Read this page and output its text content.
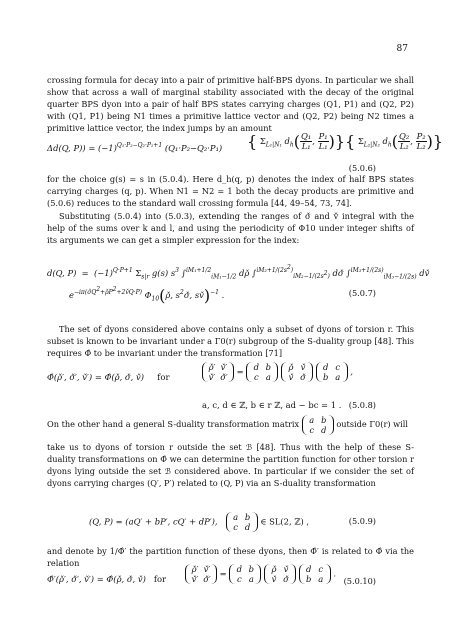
87
crossing formula for decay into a pair of primitive half-BPS dyons. In particular we shall show that across a wall of marginal stability associated with the decay of the original quarter BPS dyon into a pair of half BPS states carrying charges (Q1, P1) and (Q2, P2) with (Q1, P1) being N1 times a primitive lattice vector and (Q2, P2) being N2 times a primitive lattice vector, the index jumps by an amount
Δd(Q, $P)) = (-1)^{Q_1\cdot P_2-Q_2\cdot P_1+1}$ (Q₁·P₂−Q₂·P₁) { $\Sigma_{L_1|N_1}$ $d_h( \frac{\text{Q₁}}{\text{L₁}}$ , $\frac{\text{P₁}}{\text{L₁}}$ )}{ $\Sigma_{L_2|N_2}$ $d_h( \frac{\text{Q₂}}{\text{L₂}}$ , $\frac{\text{P₂}}{\text{L₂}}$ )}
(5.0.6)
for the choice g(s) = s in (5.0.4). Here d_h(q, p) denotes the index of half BPS states carrying charges (q, p). When N1 = N2 = 1 both the decay products are primitive and (5.0.6) reduces to the standard wall crossing formula [44, 49–54, 73, 74].
Substituting (5.0.4) into (5.0.3), extending the ranges of σ̌ and v̌ integral with the help of the sums over k and l, and using the periodicity of Φ10 under integer shifts of its arguments we can get a simpler expression for the index:
d(Q, $P) = (-1)^{Q\cdot P+1}$ $\Sigma_{s|r}$ g(s) $s^3$ ∫$^{iM_1+1/2}_{iM_1-1/2}$ dρ̌ ∫$^{iM_2+1/(2s^2)}_{iM_2-1/(2s^2)}$ dσ̌ ∫$^{iM_3+1/(2s)}_{iM_3-1/(2s)}$ dv̌
$e^{-i\pi(\sigmǎQ^2+\rhǒP^2+2v̌Q\cdot P)}$ $\Phi_{10}(\rhǒ$, $s^2\sigmǎ$, sv̌)$^{-1}$ .	(5.0.7)
The set of dyons considered above contains only a subset of dyons of torsion r. This subset is known to be invariant under a Γ0(r) subgroup of the S-duality group [48]. This requires Φ̂ to be invariant under the transformation [71]
Φ̂(ρ̌′, σ̌′, v̌′) = Φ̂(ρ̌, σ̌, v̌)     for
ρ̌′ v̌′
v̌′ σ̌′ = d b
c a ρ̌ v̌
v̌ σ̌ d c
b a ,
a, c, d ∈ ℤ, b ∈ r ℤ, ad − bc = 1 . (5.0.8)
On the other hand a general S-duality transformation matrix a b
c d outside Γ0(r) will
take us to dyons of torsion r outside the set ℬ [48]. Thus with the help of these S-duality transformations on Φ̂ we can determine the partition function for other torsion r dyons lying outside the set ℬ considered above. In particular if we consider the set of dyons carrying charges (Q′, P′) related to (Q, P) via an S-duality transformation
(Q, P) = (aQ′ + bP′, cQ′ + dP′),   a b
c d ∈ SL(2, ℤ) ,	(5.0.9)
and denote by 1/Φ̂′ the partition function of these dyons, then Φ̂′ is related to Φ̂ via the relation
Φ̂′(ρ̌′, σ̌′, v̌′) = Φ̂(ρ̌, σ̌, v̌)   for
ρ̌′ v̌′
v̌′ σ̌′ = d b
c a ρ̌ v̌
v̌ σ̌ d c
b a .
(5.0.10)
